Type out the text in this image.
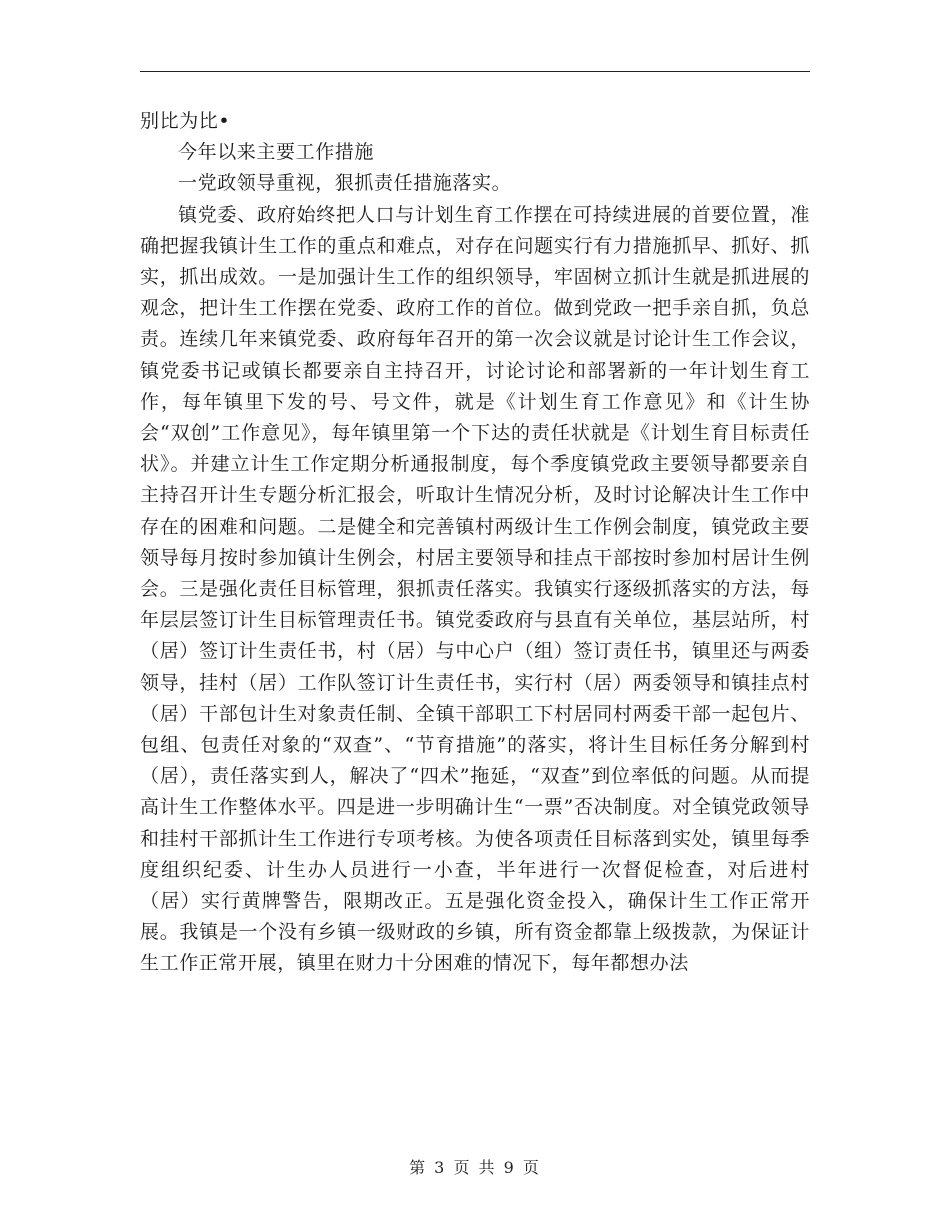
别比为比•

今年以来主要工作措施

一党政领导重视，狠抓责任措施落实。

镇党委、政府始终把人口与计划生育工作摆在可持续进展的首要位置，准确把握我镇计生工作的重点和难点，对存在问题实行有力措施抓早、抓好、抓实，抓出成效。一是加强计生工作的组织领导，牢固树立抓计生就是抓进展的观念，把计生工作摆在党委、政府工作的首位。做到党政一把手亲自抓，负总责。连续几年来镇党委、政府每年召开的第一次会议就是讨论计生工作会议，镇党委书记或镇长都要亲自主持召开，讨论讨论和部署新的一年计划生育工作，每年镇里下发的号、号文件，就是《计划生育工作意见》和《计生协会“双创”工作意见》，每年镇里第一个下达的责任状就是《计划生育目标责任状》。并建立计生工作定期分析通报制度，每个季度镇党政主要领导都要亲自主持召开计生专题分析汇报会，听取计生情况分析，及时讨论解决计生工作中存在的困难和问题。二是健全和完善镇村两级计生工作例会制度，镇党政主要领导每月按时参加镇计生例会，村居主要领导和挂点干部按时参加村居计生例会。三是强化责任目标管理，狠抓责任落实。我镇实行逐级抓落实的方法，每年层层签订计生目标管理责任书。镇党委政府与县直有关单位，基层站所，村（居）签订计生责任书，村（居）与中心户（组）签订责任书，镇里还与两委领导，挂村（居）工作队签订计生责任书，实行村（居）两委领导和镇挂点村（居）干部包计生对象责任制、全镇干部职工下村居同村两委干部一起包片、包组、包责任对象的“双查”、“节育措施”的落实，将计生目标任务分解到村（居），责任落实到人，解决了“四术”拖延，“双查”到位率低的问题。从而提高计生工作整体水平。四是进一步明确计生“一票”否决制度。对全镇党政领导和挂村干部抓计生工作进行专项考核。为使各项责任目标落到实处，镇里每季度组织纪委、计生办人员进行一小查，半年进行一次督促检查，对后进村（居）实行黄牌警告，限期改正。五是强化资金投入，确保计生工作正常开展。我镇是一个没有乡镇一级财政的乡镇，所有资金都靠上级拨款，为保证计生工作正常开展，镇里在财力十分困难的情况下，每年都想办法

第 3 页 共 9 页
